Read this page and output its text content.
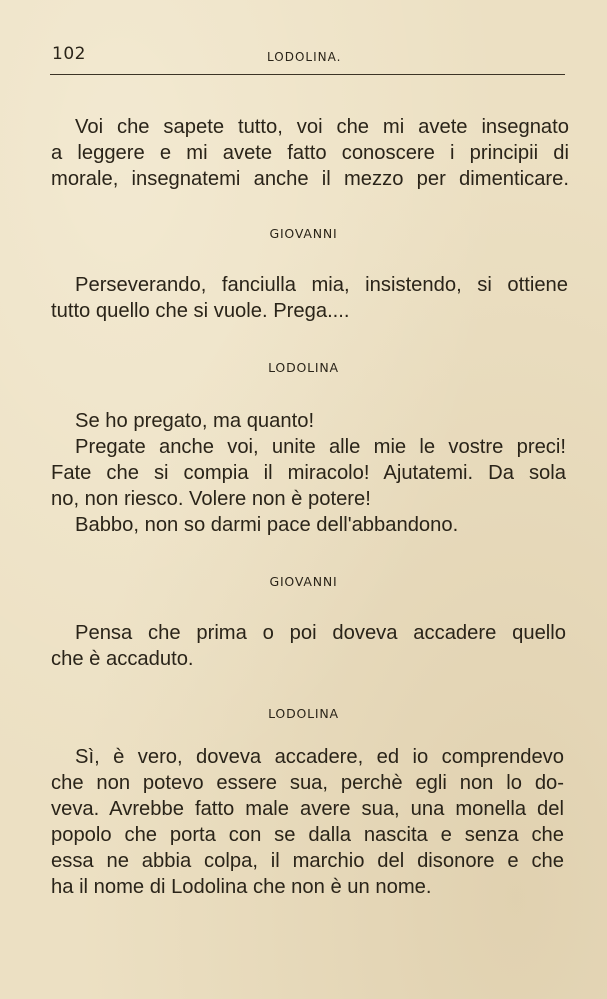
102	LODOLINA.
Voi che sapete tutto, voi che mi avete insegnato
a leggere e mi avete fatto conoscere i principii di
morale, insegnatemi anche il mezzo per dimenticare.
GIOVANNI
Perseverando, fanciulla mia, insistendo, si ottiene
tutto quello che si vuole. Prega....
LODOLINA
Se ho pregato, ma quanto!
Pregate anche voi, unite alle mie le vostre preci!
Fate che si compia il miracolo! Ajutatemi. Da sola
no, non riesco. Volere non è potere!
Babbo, non so darmi pace dell'abbandono.
GIOVANNI
Pensa che prima o poi doveva accadere quello
che è accaduto.
LODOLINA
Sì, è vero, doveva accadere, ed io comprendevo
che non potevo essere sua, perchè egli non lo do-
veva. Avrebbe fatto male avere sua, una monella del
popolo che porta con se dalla nascita e senza che
essa ne abbia colpa, il marchio del disonore e che
ha il nome di Lodolina che non è un nome.
